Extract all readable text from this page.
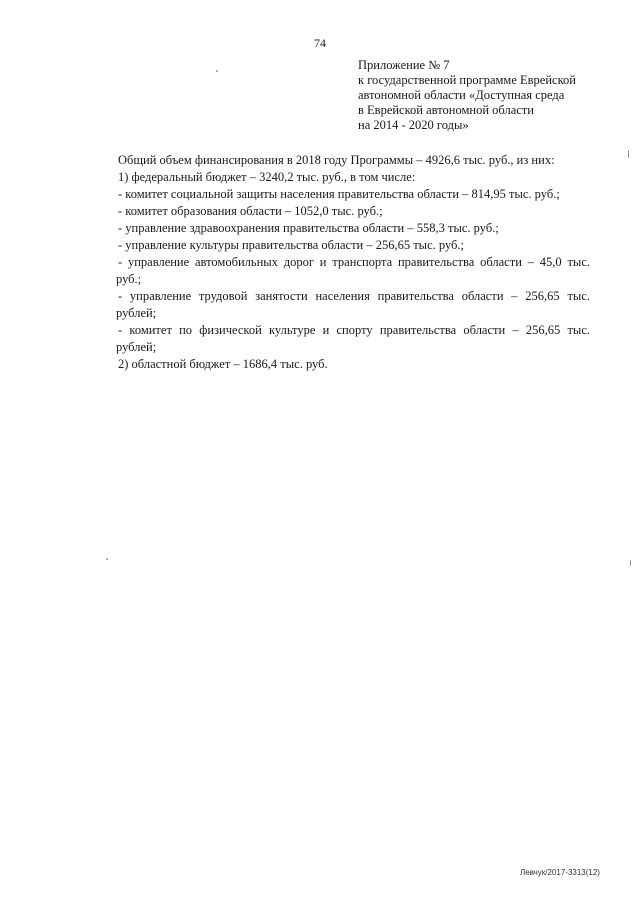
74
Приложение № 7
к государственной программе Еврейской
автономной области «Доступная среда
в Еврейской автономной области
на 2014 - 2020 годы»
Общий объем финансирования в 2018 году Программы – 4926,6 тыс. руб., из них:
1) федеральный бюджет – 3240,2 тыс. руб., в том числе:
- комитет социальной защиты населения правительства области – 814,95 тыс. руб.;
- комитет образования области – 1052,0 тыс. руб.;
- управление здравоохранения правительства области – 558,3 тыс. руб.;
- управление культуры правительства области – 256,65 тыс. руб.;
- управление автомобильных дорог и транспорта правительства области – 45,0 тыс.
руб.;
- управление трудовой занятости населения правительства области – 256,65 тыс.
рублей;
- комитет по физической культуре и спорту правительства области – 256,65 тыс.
рублей;
2) областной бюджет – 1686,4 тыс. руб.
Левчук/2017-3313(12)
